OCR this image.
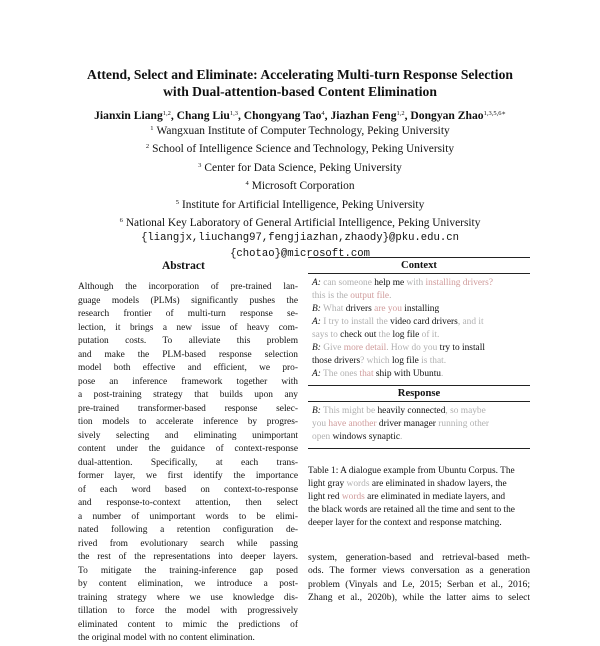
Attend, Select and Eliminate: Accelerating Multi-turn Response Selection
with Dual-attention-based Content Elimination
Jianxin Liang$^{1,2}$, Chang Liu$^{1,3}$, Chongyang Tao$^4$, Jiazhan Feng$^{1,2}$, Dongyan Zhao$^{1,3,5,6∗}$
$^1$ Wangxuan Institute of Computer Technology, Peking University
$^2$ School of Intelligence Science and Technology, Peking University
$^3$ Center for Data Science, Peking University
$^4$ Microsoft Corporation
$^5$ Institute for Artificial Intelligence, Peking University
$^6$ National Key Laboratory of General Artificial Intelligence, Peking University
{liangjx,liuchang97,fengjiazhan,zhaody}@pku.edu.cn
{chotao}@microsoft.com
Abstract
Although the incorporation of pre-trained lan-
guage models (PLMs) significantly pushes the
research frontier of multi-turn response se-
lection, it brings a new issue of heavy com-
putation costs. To alleviate this problem
and make the PLM-based response selection
model both effective and efficient, we pro-
pose an inference framework together with
a post-training strategy that builds upon any
pre-trained transformer-based response selec-
tion models to accelerate inference by progres-
sively selecting and eliminating unimportant
content under the guidance of context-response
dual-attention. Specifically, at each trans-
former layer, we first identify the importance
of each word based on context-to-response
and response-to-context attention, then select
a number of unimportant words to be elimi-
nated following a retention configuration de-
rived from evolutionary search while passing
the rest of the representations into deeper layers.
To mitigate the training-inference gap posed
by content elimination, we introduce a post-
training strategy where we use knowledge dis-
tillation to force the model with progressively
eliminated content to mimic the predictions of
the original model with no content elimination.
Context
A: can someone help me with installing drivers?
this is the output file.
B: What drivers are you installing
A: I try to install the video card drivers, and it
says to check out the log file of it.
B: Give more detail. How do you try to install
those drivers? which log file is that.
A: The ones that ship with Ubuntu.
Response
B: This might be heavily connected, so maybe
you have another driver manager running other
open windows synaptic.
Table 1: A dialogue example from Ubuntu Corpus. The
light gray words are eliminated in shadow layers, the
light red words are eliminated in mediate layers, and
the black words are retained all the time and sent to the
deeper layer for the context and response matching.
system, generation-based and retrieval-based meth-
ods. The former views conversation as a generation
problem (Vinyals and Le, 2015; Serban et al., 2016;
Zhang et al., 2020b), while the latter aims to select
